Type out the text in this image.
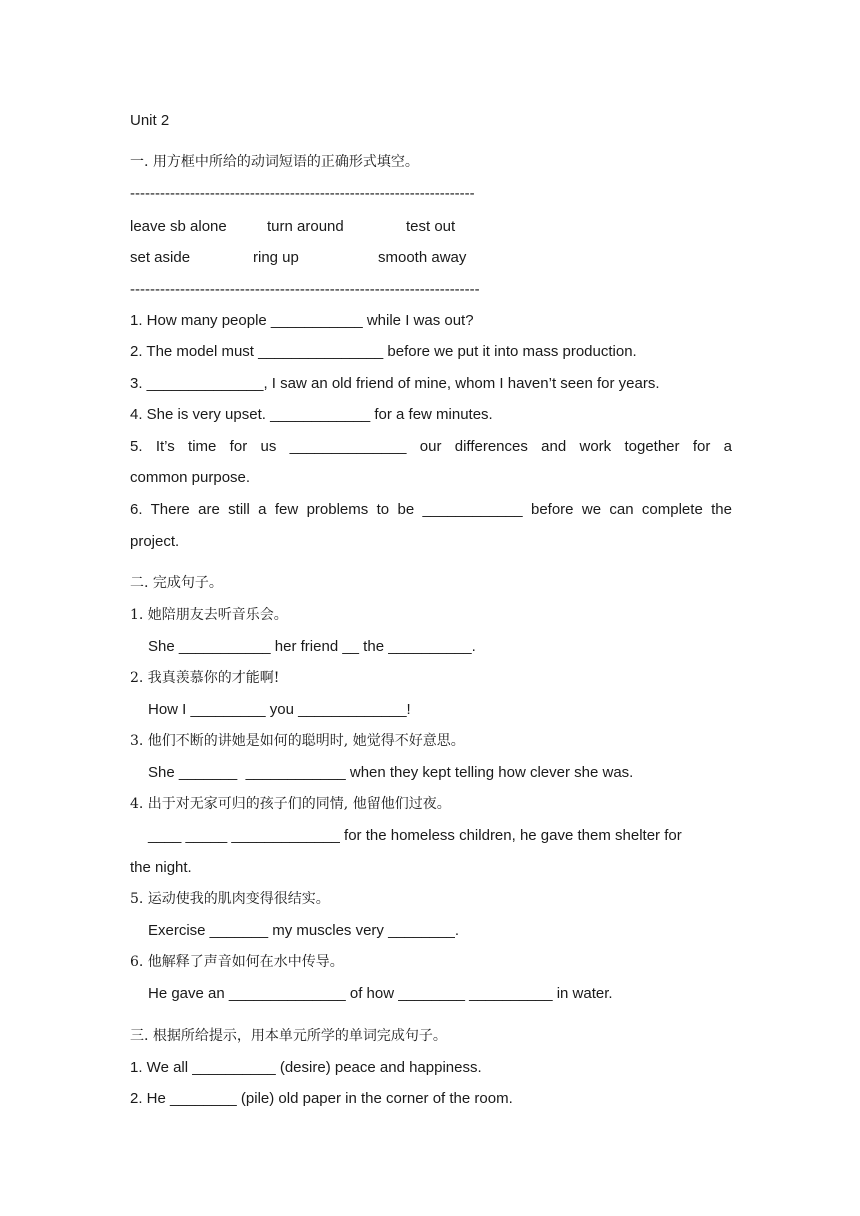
Unit 2

一. 用方框中所给的动词短语的正确形式填空。

---------------------------------------------------------------------

leave sb alone	turn around	test out
set aside	ring up	smooth away

----------------------------------------------------------------------

1. How many people ___________ while I was out?

2. The model must _______________ before we put it into mass production.

3. ______________, I saw an old friend of mine, whom I haven’t seen for years.

4. She is very upset. ____________ for a few minutes.

5. It’s time for us ______________ our differences and work together for a

common purpose.

6. There are still a few problems to be ____________ before we can complete the

project.

二. 完成句子。

1. 她陪朋友去听音乐会。

She ___________ her friend __ the __________.

2. 我真羡慕你的才能啊!

How I _________ you _____________!

3. 他们不断的讲她是如何的聪明时, 她觉得不好意思。

She _______  ____________ when they kept telling how clever she was.

4. 出于对无家可归的孩子们的同情, 他留他们过夜。

____ _____ _____________ for the homeless children, he gave them shelter for

the night.

5. 运动使我的肌肉变得很结实。

Exercise _______ my muscles very ________.

6. 他解释了声音如何在水中传导。

He gave an ______________ of how ________ __________ in water.

三. 根据所给提示，用本单元所学的单词完成句子。

1. We all __________ (desire) peace and happiness.

2. He ________ (pile) old paper in the corner of the room.
